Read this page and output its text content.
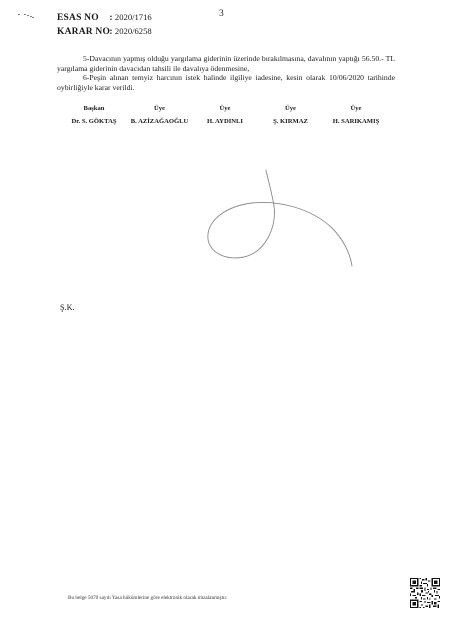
ESAS NO : 2020/1716
KARAR NO : 2020/6258
3

5-Davacının yapmış olduğu yargılama giderinin üzerinde bırakılmasına, davalının yaptığı 56.50.- TL yargılama giderinin davacıdan tahsili ile davalıya ödenmesine,

6-Peşin alınan temyiz harcının istek halinde ilgiliye iadesine, kesin olarak 10/06/2020 tarihinde oybirliğiyle karar verildi.

Başkan
Dr. S. GÖKTAŞ
Üye
B. AZİZAĞAOĞLU
Üye
H. AYDINLI
Üye
Ş. KIRMAZ
Üye
H. SARIKAMIŞ
Ş.K.
Bu belge 5070 sayılı Yasa hükümlerine göre elektronik olarak imzalanmıştır.
